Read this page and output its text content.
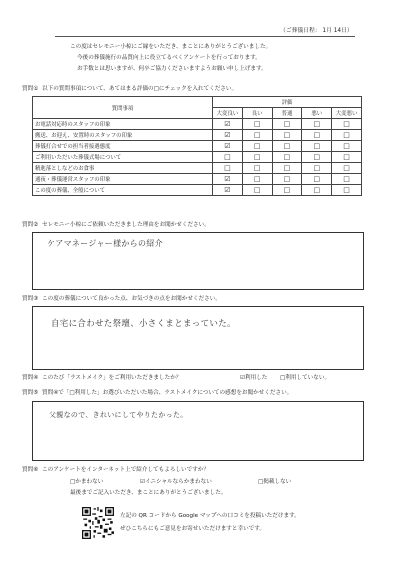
（ご葬儀日程： 1月 14日）
この度はセレモニー小椋にご縁をいただき、まことにありがとうございました。
今後の葬儀施行の品質向上に役立てるべくアンケートを行っております。
お手数とは思いますが、何卒ご協力くださいますようお願い申し上げます。
質問① 以下の質問事項について、あてはまる評価の□にチェックを入れてください。
質問事項	評価				
	大変良い	良い	普通	悪い	大変悪い
お電話対応時のスタッフの印象	☑	□	□	□	□
搬送、お迎え、安置時のスタッフの印象	☑	□	□	□	□
葬儀打合せでの担当者接遇態度	☑	□	□	□	□
ご利用いただいた葬儀式場について	□	□	□	□	□
精進落としなどのお食事	□	□	□	□	□
通夜・葬儀運営スタッフの印象	☑	□	□	□	□
この度の葬儀、全般について	☑	□	□	□	□
質問② セレモニー小椋にご依頼いただきました理由をお聞かせください。
ケアマネージャー様からの紹介
質問③ この度の葬儀について良かった点、お気づきの点をお聞かせください。
自宅に合わせた祭壇、小さくまとまっていた。
質問④ このたび「ラストメイク」をご利用いただきましたか？	☑利用した □利用していない。
質問⑤ 質問④で「□利用した」お選びいただいた場合、ラストメイクについての感想をお聞かせください。
父親なので、きれいにしてやりたかった。
質問⑥ このアンケートをインターネット上で紹介してもよろしいですか？
□かまわない	☑イニシャルならかまわない	□掲載しない
最後までご記入いただき、まことにありがとうございました。
左記の QR コードから Google マップへの口コミを投稿いただけます。
ぜひこちらにもご意見をお寄せいただけますと幸いです。
